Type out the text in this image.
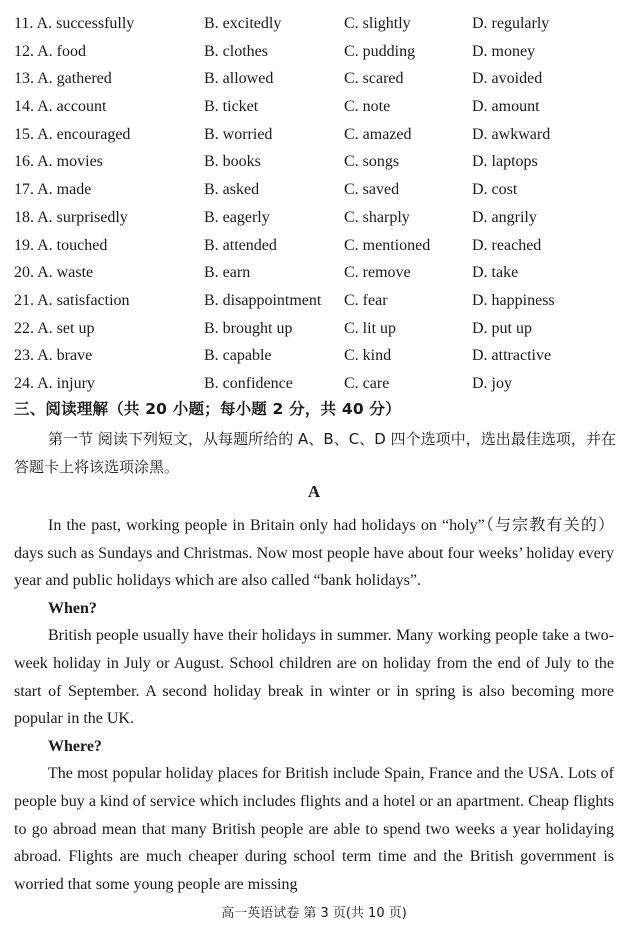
11. A. successfully	B. excitedly	C. slightly	D. regularly
12. A. food	B. clothes	C. pudding	D. money
13. A. gathered	B. allowed	C. scared	D. avoided
14. A. account	B. ticket	C. note	D. amount
15. A. encouraged	B. worried	C. amazed	D. awkward
16. A. movies	B. books	C. songs	D. laptops
17. A. made	B. asked	C. saved	D. cost
18. A. surprisedly	B. eagerly	C. sharply	D. angrily
19. A. touched	B. attended	C. mentioned	D. reached
20. A. waste	B. earn	C. remove	D. take
21. A. satisfaction	B. disappointment C. fear	D. happiness
22. A. set up	B. brought up	C. lit up	D. put up
23. A. brave	B. capable	C. kind	D. attractive
24. A. injury	B. confidence	C. care	D. joy
三、阅读理解（共 20 小题；每小题 2 分，共 40 分）
第一节 阅读下列短文，从每题所给的 A、B、C、D 四个选项中，选出最佳选项，并在答题卡上将该选项涂黑。
A

In the past, working people in Britain only had holidays on “holy”（与宗教有关的）days such as Sundays and Christmas. Now most people have about four weeks’ holiday every year and public holidays which are also called “bank holidays”.

When?

British people usually have their holidays in summer. Many working people take a two-week holiday in July or August. School children are on holiday from the end of July to the start of September. A second holiday break in winter or in spring is also becoming more popular in the UK.

Where?

The most popular holiday places for British include Spain, France and the USA. Lots of people buy a kind of service which includes flights and a hotel or an apartment. Cheap flights to go abroad mean that many British people are able to spend two weeks a year holidaying abroad. Flights are much cheaper during school term time and the British government is worried that some young people are missing

高一英语试卷 第 3 页(共 10 页)
